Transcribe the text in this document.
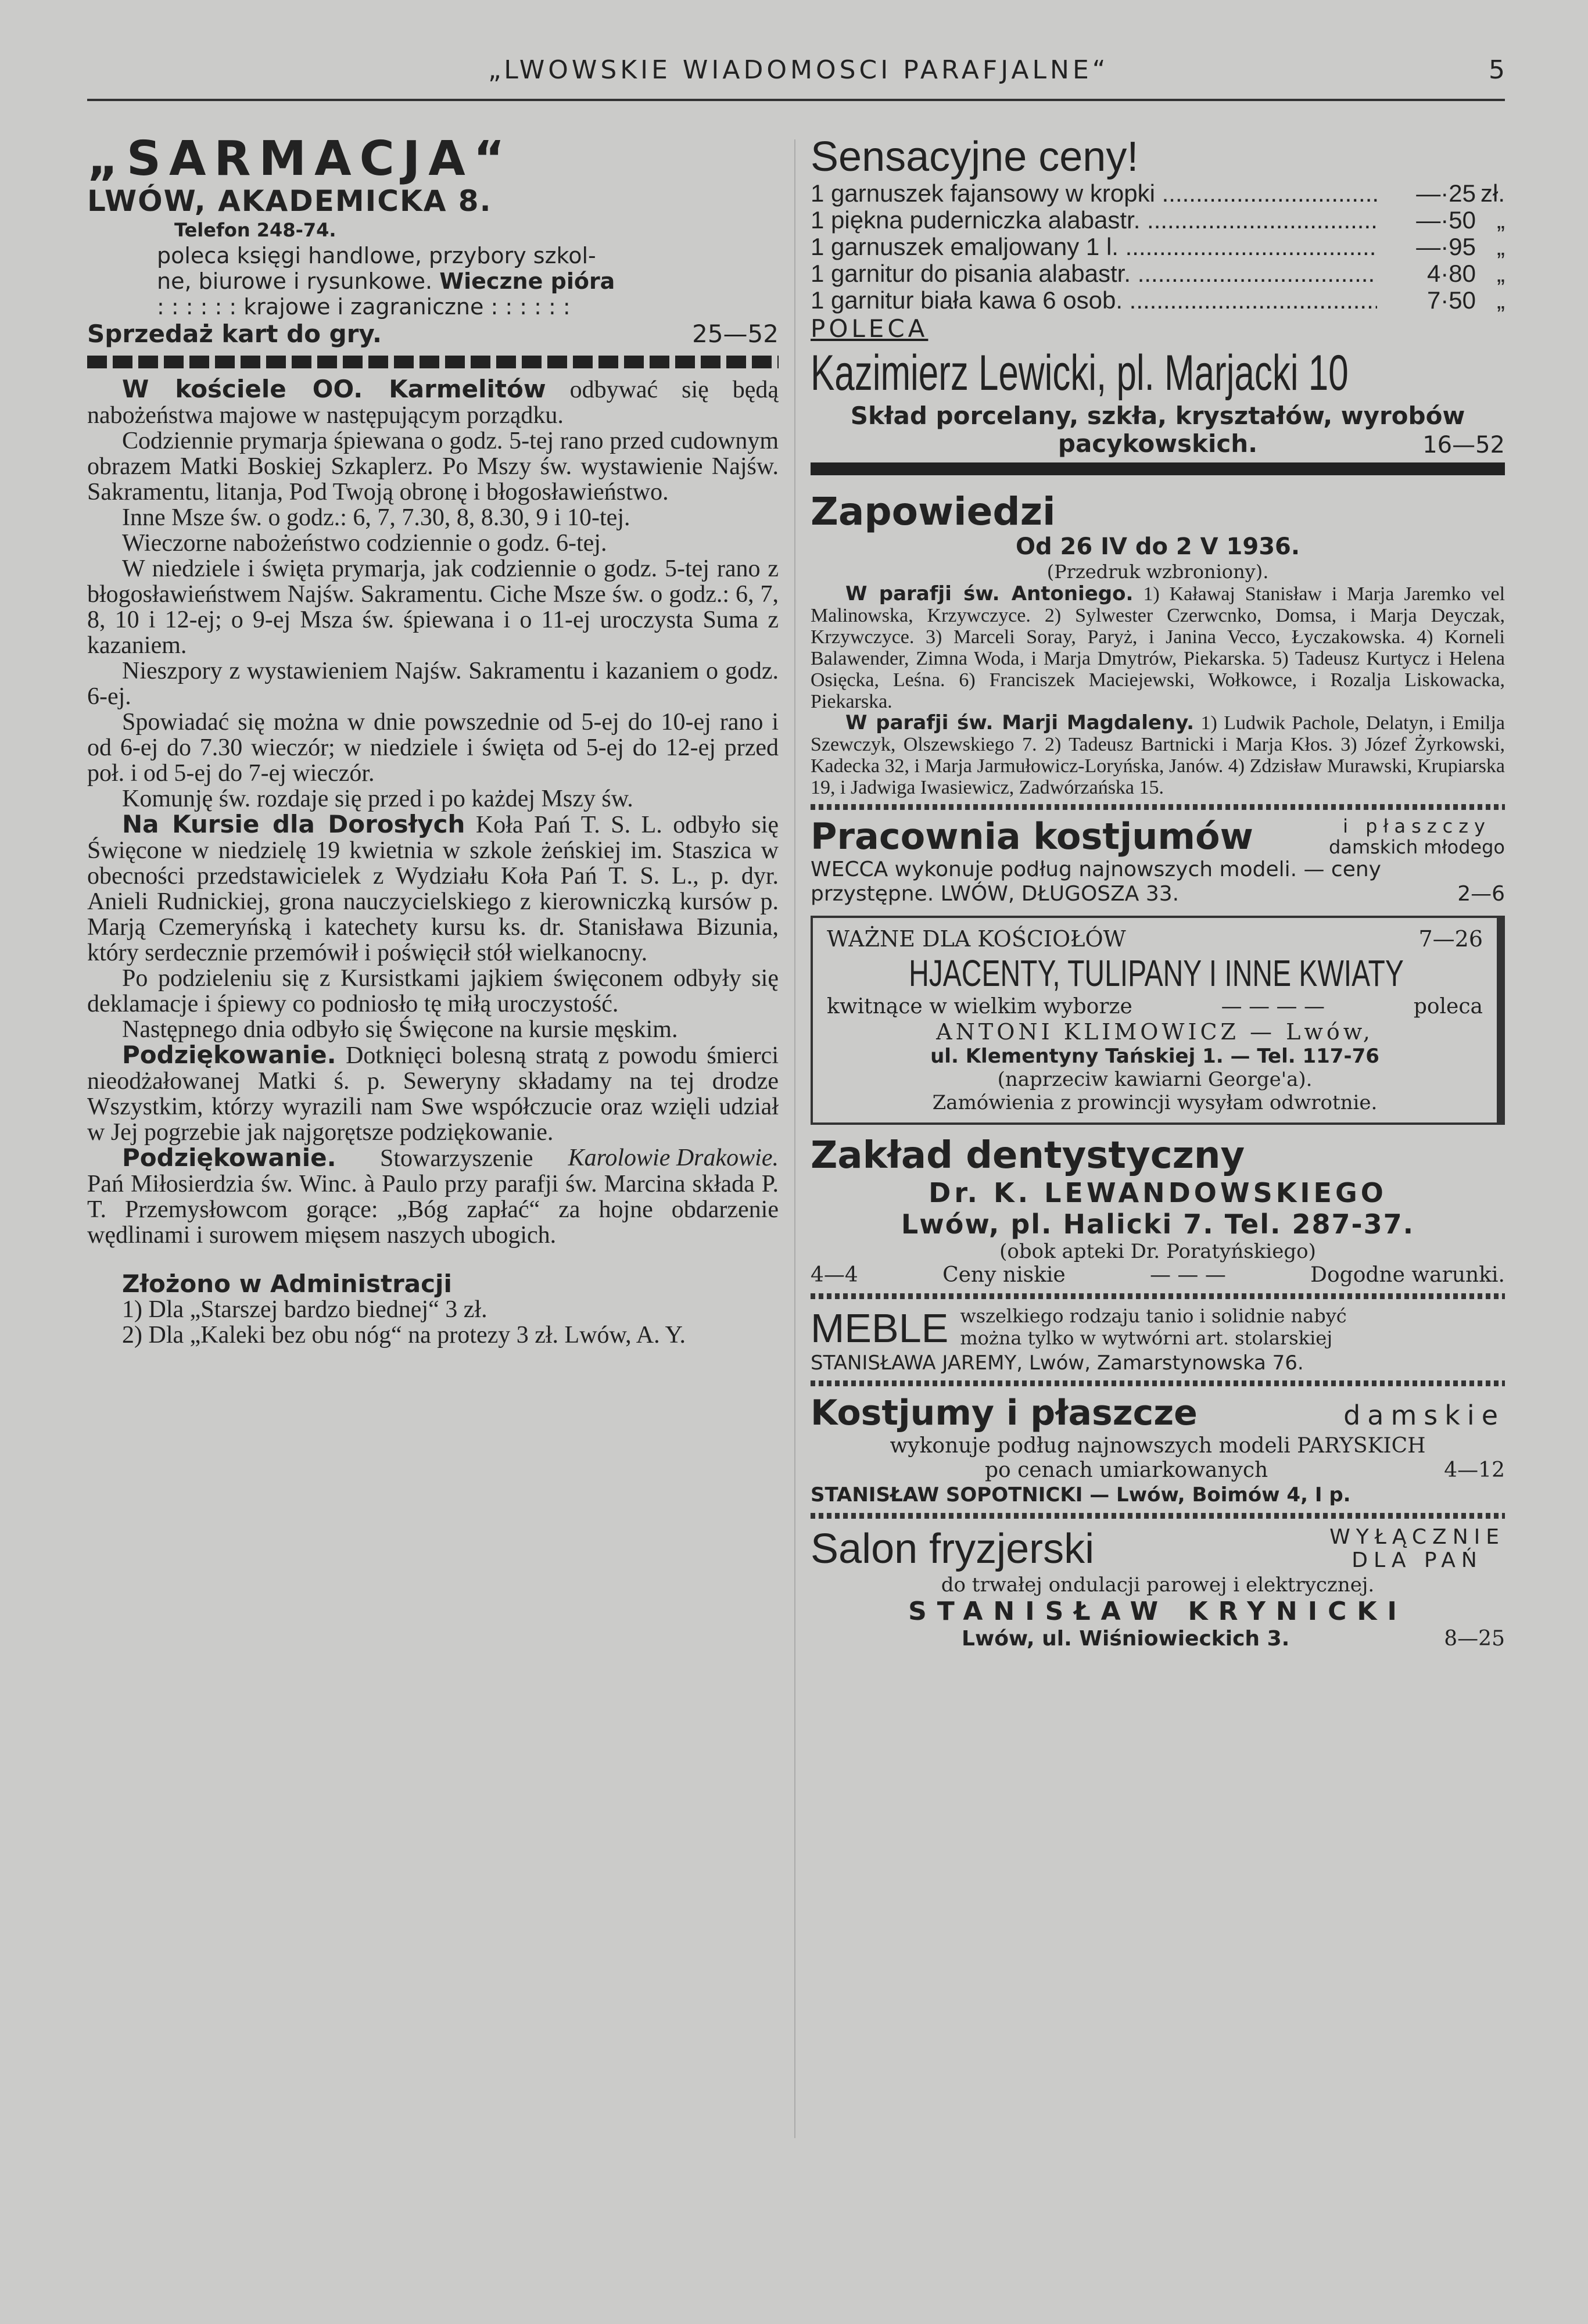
„LWOWSKIE WIADOMOSCI PARAFJALNE“	5
„SARMACJA“
LWÓW, AKADEMICKA 8.
Telefon 248-74.
poleca księgi handlowe, przybory szkol-
ne, biurowe i rysunkowe. Wieczne pióra
: : : : : : krajowe i zagraniczne : : : : : :
Sprzedaż kart do gry.	25—52

W kościele OO. Karmelitów odbywać się będą nabożeństwa majowe w następującym porządku.

Codziennie prymarja śpiewana o godz. 5-tej rano przed cudownym obrazem Matki Boskiej Szkaplerz. Po Mszy św. wystawienie Najśw. Sakramentu, litanja, Pod Twoją obronę i błogosławieństwo.

Inne Msze św. o godz.: 6, 7, 7.30, 8, 8.30, 9 i 10-tej.

Wieczorne nabożeństwo codziennie o godz. 6-tej.

W niedziele i święta prymarja, jak codziennie o godz. 5-tej rano z błogosławieństwem Najśw. Sakramentu. Ciche Msze św. o godz.: 6, 7, 8, 10 i 12-ej; o 9-ej Msza św. śpiewana i o 11-ej uroczysta Suma z kazaniem.

Nieszpory z wystawieniem Najśw. Sakramentu i kazaniem o godz. 6-ej.

Spowiadać się można w dnie powszednie od 5-ej do 10-ej rano i od 6-ej do 7.30 wieczór; w niedziele i święta od 5-ej do 12-ej przed poł. i od 5-ej do 7-ej wieczór.

Komunję św. rozdaje się przed i po każdej Mszy św.

Na Kursie dla Dorosłych Koła Pań T. S. L. odbyło się Święcone w niedzielę 19 kwietnia w szkole żeńskiej im. Staszica w obecności przedstawicielek z Wydziału Koła Pań T. S. L., p. dyr. Anieli Rudnickiej, grona nauczycielskiego z kierowniczką kursów p. Marją Czemeryńską i katechety kursu ks. dr. Stanisława Bizunia, który serdecznie przemówił i poświęcił stół wielkanocny.

Po podzieleniu się z Kursistkami jajkiem święconem odbyły się deklamacje i śpiewy co podniosło tę miłą uroczystość.

Następnego dnia odbyło się Święcone na kursie męskim.

Podziękowanie. Dotknięci bolesną stratą z powodu śmierci nieodżałowanej Matki ś. p. Seweryny składamy na tej drodze Wszystkim, którzy wyrazili nam Swe współczucie oraz wzięli udział w Jej pogrzebie jak najgorętsze podziękowanie.
Karolowie Drakowie.

Podziękowanie. Stowarzyszenie Pań Miłosierdzia św. Winc. à Paulo przy parafji św. Marcina składa P. T. Przemysłowcom gorące: „Bóg zapłać“ za hojne obdarzenie wędlinami i surowem mięsem naszych ubogich.

Złożono w Administracji

1) Dla „Starszej bardzo biednej“ 3 zł.

2) Dla „Kaleki bez obu nóg“ na protezy 3 zł. Lwów, A. Y.

Sensacyjne ceny!
1 garnuszek fajansowy w kropki .....	—·25 zł.
1 piękna puderniczka alabastr. .....	—·50 „
1 garnuszek emaljowany 1 l. .....	—·95 „
1 garnitur do pisania alabastr. .....	4·80 „
1 garnitur biała kawa 6 osob. .....	7·50 „
POLECA
Kazimierz Lewicki, pl. Marjacki 10
Skład porcelany, szkła, kryształów, wyrobów pacykowskich.	16—52
Zapowiedzi
Od 26 IV do 2 V 1936.
(Przedruk wzbroniony).

W parafji św. Antoniego. 1) Kaławaj Stanisław i Marja Jaremko vel Malinowska, Krzywczyce. 2) Sylwester Czerwcnko, Domsa, i Marja Deyczak, Krzywczyce. 3) Marceli Soray, Paryż, i Janina Vecco, Łyczakowska. 4) Korneli Balawender, Zimna Woda, i Marja Dmytrów, Piekarska. 5) Tadeusz Kurtycz i Helena Osięcka, Leśna. 6) Franciszek Maciejewski, Wołkowce, i Rozalja Liskowacka, Piekarska.

W parafji św. Marji Magdaleny. 1) Ludwik Pachole, Delatyn, i Emilja Szewczyk, Olszewskiego 7. 2) Tadeusz Bartnicki i Marja Kłos. 3) Józef Żyrkowski, Kadecka 32, i Marja Jarmułowicz-Loryńska, Janów. 4) Zdzisław Murawski, Krupiarska 19, i Jadwiga Iwasiewicz, Zadwórzańska 15.

Pracownia kostjumów	i płaszczy
damskich młodego
WECCA wykonuje podług najnowszych modeli. — ceny przystępne. LWÓW, DŁUGOSZA 33.	2—6
WAŻNE DLA KOŚCIOŁÓW	7—26
HJACENTY, TULIPANY I INNE KWIATY
kwitnące w wielkim wyborze	— — — —	poleca
ANTONI KLIMOWICZ — Lwów,
ul. Klementyny Tańskiej 1. — Tel. 117-76
(naprzeciw kawiarni George'a).
Zamówienia z prowincji wysyłam odwrotnie.
Zakład dentystyczny
Dr. K. LEWANDOWSKIEGO
Lwów, pl. Halicki 7. Tel. 287-37.
(obok apteki Dr. Poratyńskiego)
4—4	Ceny niskie	— — —	Dogodne warunki.
MEBLE wszelkiego rodzaju tanio i solidnie nabyć
można tylko w wytwórni art. stolarskiej
STANISŁAWA JAREMY, Lwów, Zamarstynowska 76.
Kostjumy i płaszcze	damskie
wykonuje podług najnowszych modeli PARYSKICH
po cenach umiarkowanych	4—12
STANISŁAW SOPOTNICKI — Lwów, Boimów 4, I p.
Salon fryzjerski	WYŁĄCZNIE
DLA PAŃ
do trwałej ondulacji parowej i elektrycznej.
STANISŁAW KRYNICKI
Lwów, ul. Wiśniowieckich 3.	8—25
